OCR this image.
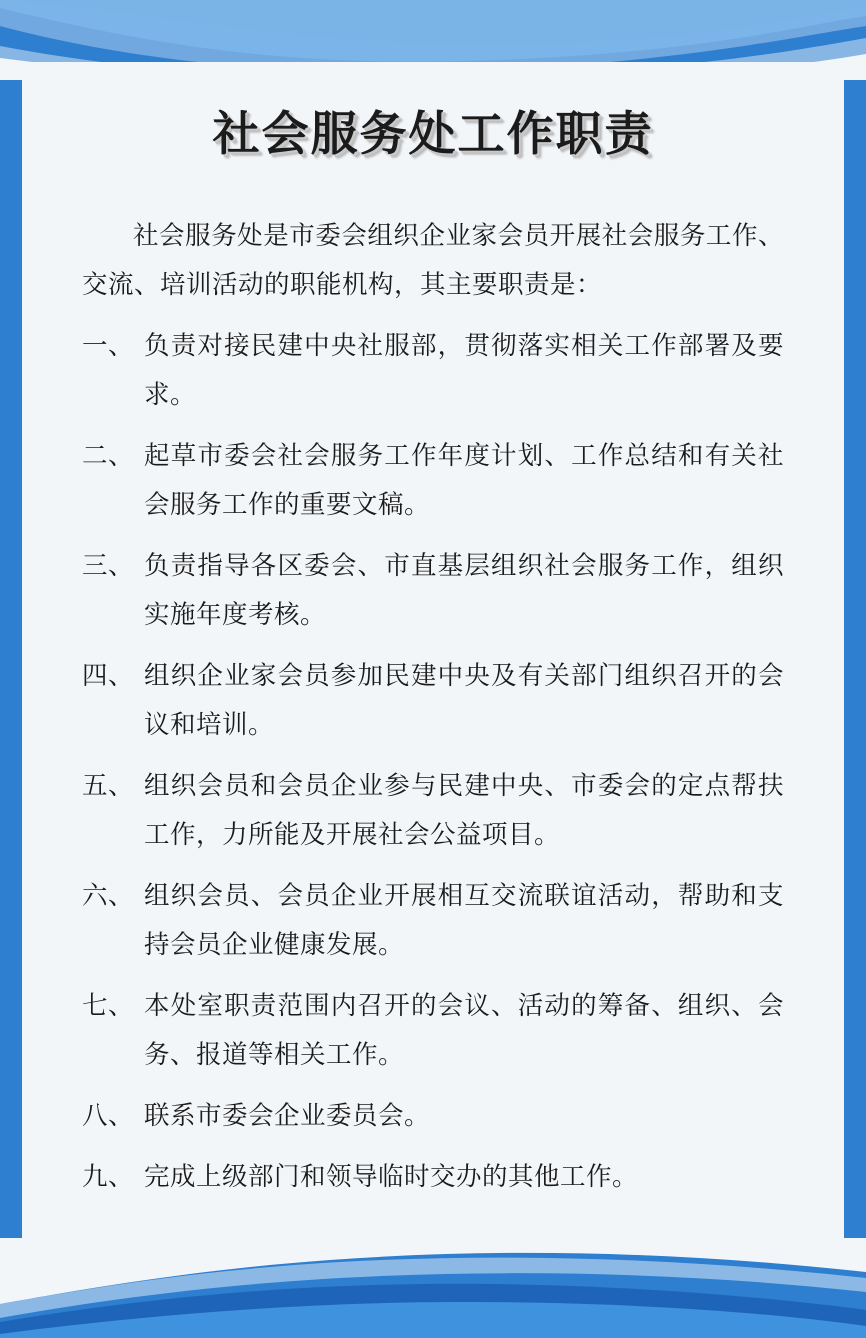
社会服务处工作职责

社会服务处是市委会组织企业家会员开展社会服务工作、交流、培训活动的职能机构，其主要职责是：

一、 负责对接民建中央社服部，贯彻落实相关工作部署及要求。
二、 起草市委会社会服务工作年度计划、工作总结和有关社会服务工作的重要文稿。
三、 负责指导各区委会、市直基层组织社会服务工作，组织实施年度考核。
四、 组织企业家会员参加民建中央及有关部门组织召开的会议和培训。
五、 组织会员和会员企业参与民建中央、市委会的定点帮扶工作，力所能及开展社会公益项目。
六、 组织会员、会员企业开展相互交流联谊活动，帮助和支持会员企业健康发展。
七、 本处室职责范围内召开的会议、活动的筹备、组织、会务、报道等相关工作。
八、 联系市委会企业委员会。
九、 完成上级部门和领导临时交办的其他工作。
